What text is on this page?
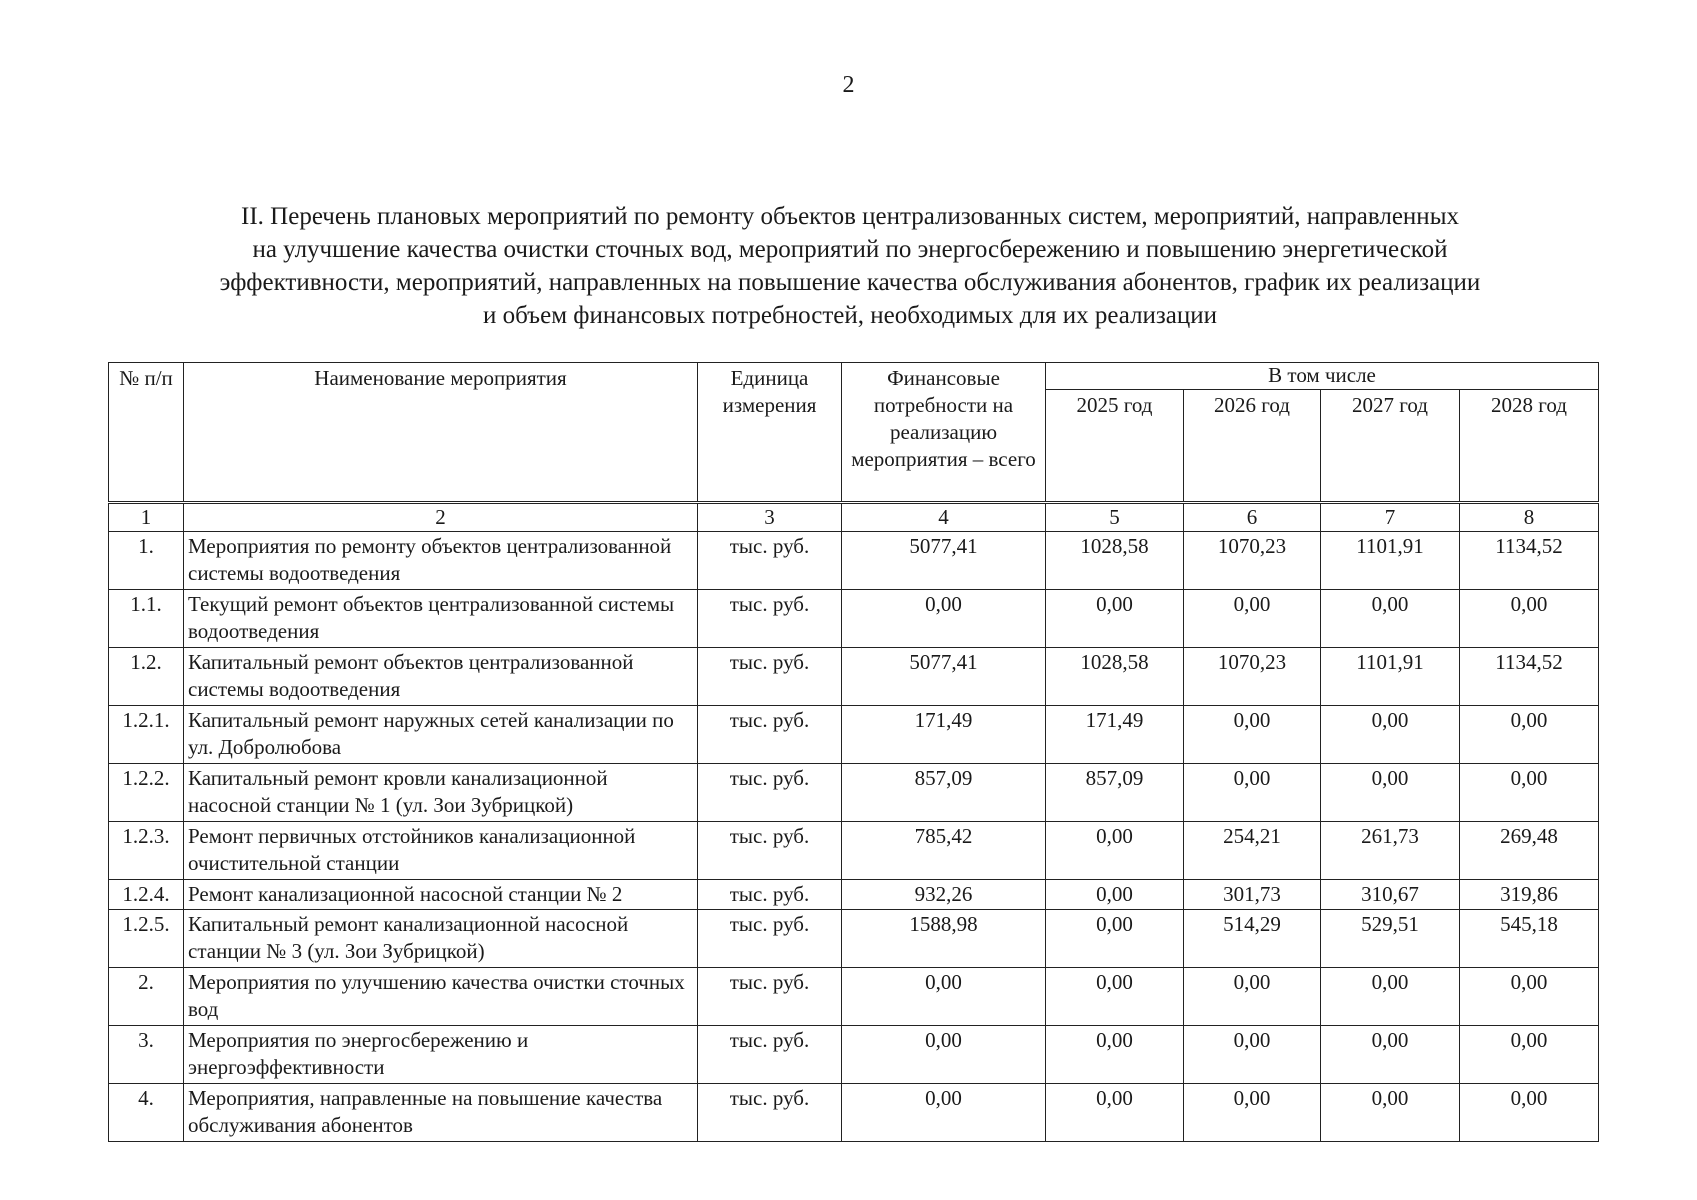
2
II. Перечень плановых мероприятий по ремонту объектов централизованных систем, мероприятий, направленных
на улучшение качества очистки сточных вод, мероприятий по энергосбережению и повышению энергетической
эффективности, мероприятий, направленных на повышение качества обслуживания абонентов, график их реализации
и объем финансовых потребностей, необходимых для их реализации
№ п/п	Наименование мероприятия	Единица измерения	Финансовые потребности на реализацию мероприятия – всего	В том числе			
				2025 год	2026 год	2027 год	2028 год
1	2	3	4	5	6	7	8
1.	Мероприятия по ремонту объектов централизованной системы водоотведения	тыс. руб.	5077,41	1028,58	1070,23	1101,91	1134,52
1.1.	Текущий ремонт объектов централизованной системы водоотведения	тыс. руб.	0,00	0,00	0,00	0,00	0,00
1.2.	Капитальный ремонт объектов централизованной системы водоотведения	тыс. руб.	5077,41	1028,58	1070,23	1101,91	1134,52
1.2.1.	Капитальный ремонт наружных сетей канализации по ул. Добролюбова	тыс. руб.	171,49	171,49	0,00	0,00	0,00
1.2.2.	Капитальный ремонт кровли канализационной насосной станции № 1 (ул. Зои Зубрицкой)	тыс. руб.	857,09	857,09	0,00	0,00	0,00
1.2.3.	Ремонт первичных отстойников канализационной очистительной станции	тыс. руб.	785,42	0,00	254,21	261,73	269,48
1.2.4.	Ремонт канализационной насосной станции № 2	тыс. руб.	932,26	0,00	301,73	310,67	319,86
1.2.5.	Капитальный ремонт канализационной насосной станции № 3 (ул. Зои Зубрицкой)	тыс. руб.	1588,98	0,00	514,29	529,51	545,18
2.	Мероприятия по улучшению качества очистки сточных вод	тыс. руб.	0,00	0,00	0,00	0,00	0,00
3.	Мероприятия по энергосбережению и энергоэффективности	тыс. руб.	0,00	0,00	0,00	0,00	0,00
4.	Мероприятия, направленные на повышение качества обслуживания абонентов	тыс. руб.	0,00	0,00	0,00	0,00	0,00
